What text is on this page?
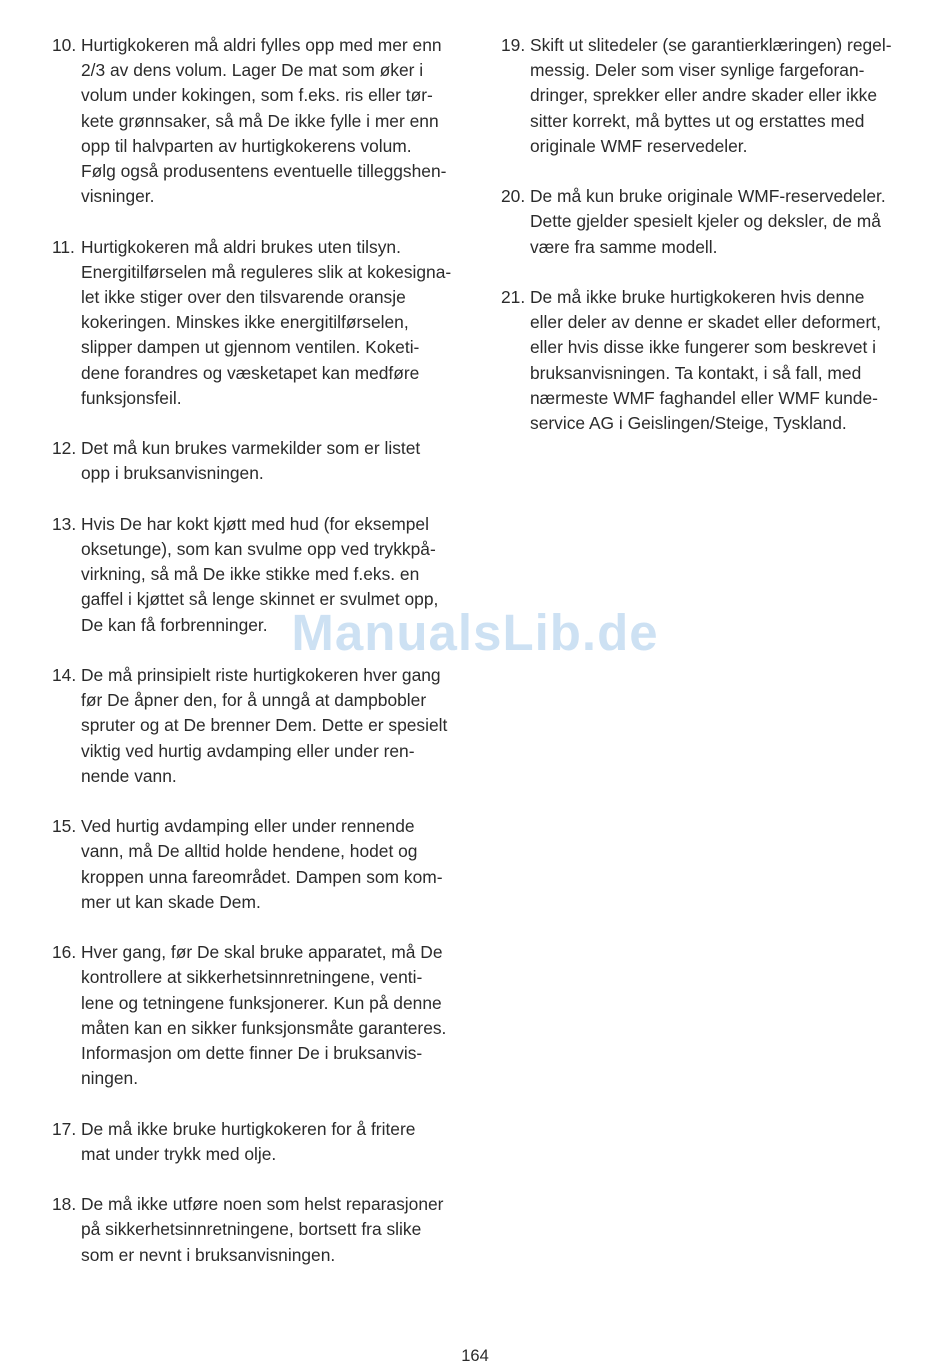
10. Hurtigkokeren må aldri fylles opp med mer enn
2/3 av dens volum. Lager De mat som øker i
volum under kokingen, som f.eks. ris eller tør-
kete grønnsaker, så må De ikke fylle i mer enn
opp til halvparten av hurtigkokerens volum.
Følg også produsentens eventuelle tilleggshen-
visninger.
11. Hurtigkokeren må aldri brukes uten tilsyn.
Energitilførselen må reguleres slik at kokesigna-
let ikke stiger over den tilsvarende oransje
kokeringen. Minskes ikke energitilførselen,
slipper dampen ut gjennom ventilen. Koketi-
dene forandres og væsketapet kan medføre
funksjonsfeil.
12. Det må kun brukes varmekilder som er listet
opp i bruksanvisningen.
13. Hvis De har kokt kjøtt med hud (for eksempel
oksetunge), som kan svulme opp ved trykkpå-
virkning, så må De ikke stikke med f.eks. en
gaffel i kjøttet så lenge skinnet er svulmet opp,
De kan få forbrenninger.
14. De må prinsipielt riste hurtigkokeren hver gang
før De åpner den, for å unngå at dampbobler
spruter og at De brenner Dem. Dette er spesielt
viktig ved hurtig avdamping eller under ren-
nende vann.
15. Ved hurtig avdamping eller under rennende
vann, må De alltid holde hendene, hodet og
kroppen unna fareområdet. Dampen som kom-
mer ut kan skade Dem.
16. Hver gang, før De skal bruke apparatet, må De
kontrollere at sikkerhetsinnretningene, venti-
lene og tetningene funksjonerer. Kun på denne
måten kan en sikker funksjonsmåte garanteres.
Informasjon om dette finner De i bruksanvis-
ningen.
17. De må ikke bruke hurtigkokeren for å fritere
mat under trykk med olje.
18. De må ikke utføre noen som helst reparasjoner
på sikkerhetsinnretningene, bortsett fra slike
som er nevnt i bruksanvisningen.
19. Skift ut slitedeler (se garantierklæringen) regel-
messig. Deler som viser synlige fargeforan-
dringer, sprekker eller andre skader eller ikke
sitter korrekt, må byttes ut og erstattes med
originale WMF reservedeler.
20. De må kun bruke originale WMF-reservedeler.
Dette gjelder spesielt kjeler og deksler, de må
være fra samme modell.
21. De må ikke bruke hurtigkokeren hvis denne
eller deler av denne er skadet eller deformert,
eller hvis disse ikke fungerer som beskrevet i
bruksanvisningen. Ta kontakt, i så fall, med
nærmeste WMF faghandel eller WMF kunde-
service AG i Geislingen/Steige, Tyskland.
ManualsLib.de
164
